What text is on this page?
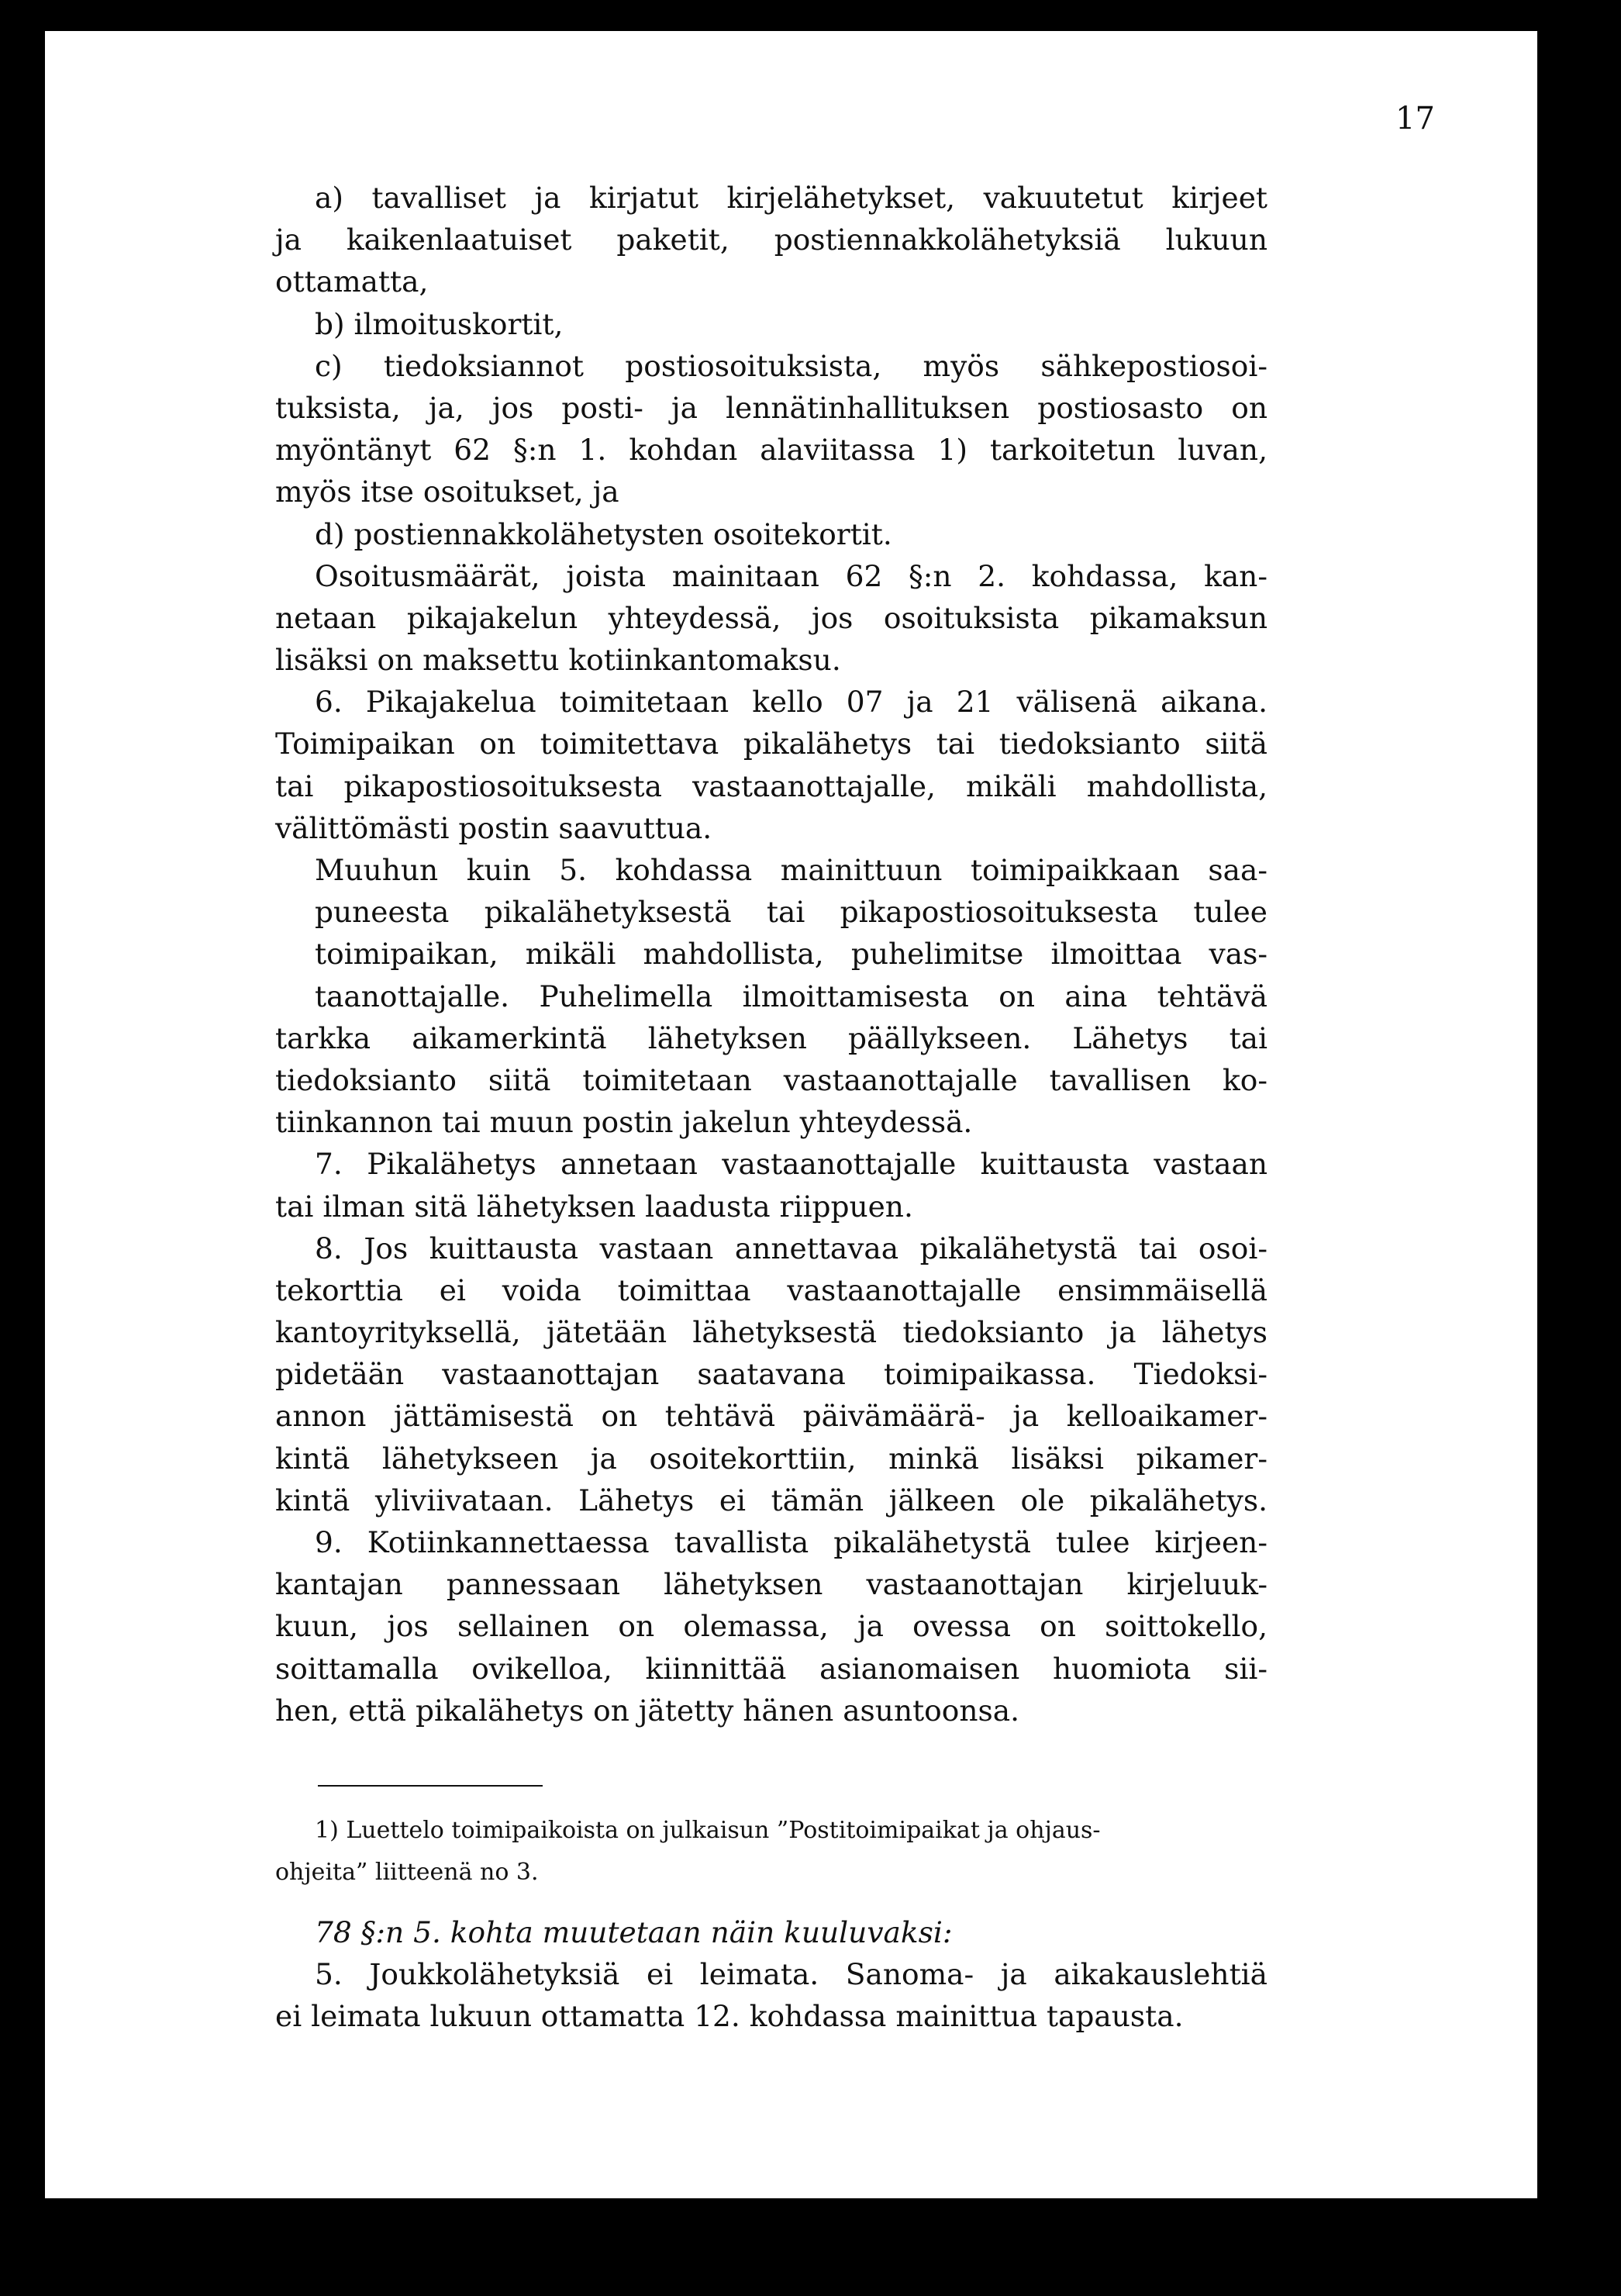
17
a) tavalliset ja kirjatut kirjelähetykset, vakuutetut kirjeet
ja kaikenlaatuiset paketit, postiennakkolähetyksiä lukuun
ottamatta,
b) ilmoituskortit,
c) tiedoksiannot postiosoituksista, myös sähkepostiosoi-
tuksista, ja, jos posti- ja lennätinhallituksen postiosasto on
myöntänyt 62 §:n 1. kohdan alaviitassa 1) tarkoitetun luvan,
myös itse osoitukset, ja
d) postiennakkolähetysten osoitekortit.
Osoitusmäärät, joista mainitaan 62 §:n 2. kohdassa, kan-
netaan pikajakelun yhteydessä, jos osoituksista pikamaksun
lisäksi on maksettu kotiinkantomaksu.
6. Pikajakelua toimitetaan kello 07 ja 21 välisenä aikana.
Toimipaikan on toimitettava pikalähetys tai tiedoksianto siitä
tai pikapostiosoituksesta vastaanottajalle, mikäli mahdollista,
välittömästi postin saavuttua.
Muuhun kuin 5. kohdassa mainittuun toimipaikkaan saa-
puneesta pikalähetyksestä tai pikapostiosoituksesta tulee
toimipaikan, mikäli mahdollista, puhelimitse ilmoittaa vas-
taanottajalle. Puhelimella ilmoittamisesta on aina tehtävä
tarkka aikamerkintä lähetyksen päällykseen. Lähetys tai
tiedoksianto siitä toimitetaan vastaanottajalle tavallisen ko-
tiinkannon tai muun postin jakelun yhteydessä.
7. Pikalähetys annetaan vastaanottajalle kuittausta vastaan
tai ilman sitä lähetyksen laadusta riippuen.
8. Jos kuittausta vastaan annettavaa pikalähetystä tai osoi-
tekorttia ei voida toimittaa vastaanottajalle ensimmäisellä
kantoyrityksellä, jätetään lähetyksestä tiedoksianto ja lähetys
pidetään vastaanottajan saatavana toimipaikassa. Tiedoksi-
annon jättämisestä on tehtävä päivämäärä- ja kelloaikamer-
kintä lähetykseen ja osoitekorttiin, minkä lisäksi pikamer-
kintä yliviivataan. Lähetys ei tämän jälkeen ole pikalähetys.
9. Kotiinkannettaessa tavallista pikalähetystä tulee kirjeen-
kantajan pannessaan lähetyksen vastaanottajan kirjeluuk-
kuun, jos sellainen on olemassa, ja ovessa on soittokello,
soittamalla ovikelloa, kiinnittää asianomaisen huomiota sii-
hen, että pikalähetys on jätetty hänen asuntoonsa.
1) Luettelo toimipaikoista on julkaisun ”Postitoimipaikat ja ohjaus-
ohjeita” liitteenä no 3.
78 §:n 5. kohta muutetaan näin kuuluvaksi:
5. Joukkolähetyksiä ei leimata. Sanoma- ja aikakauslehtiä
ei leimata lukuun ottamatta 12. kohdassa mainittua tapausta.
